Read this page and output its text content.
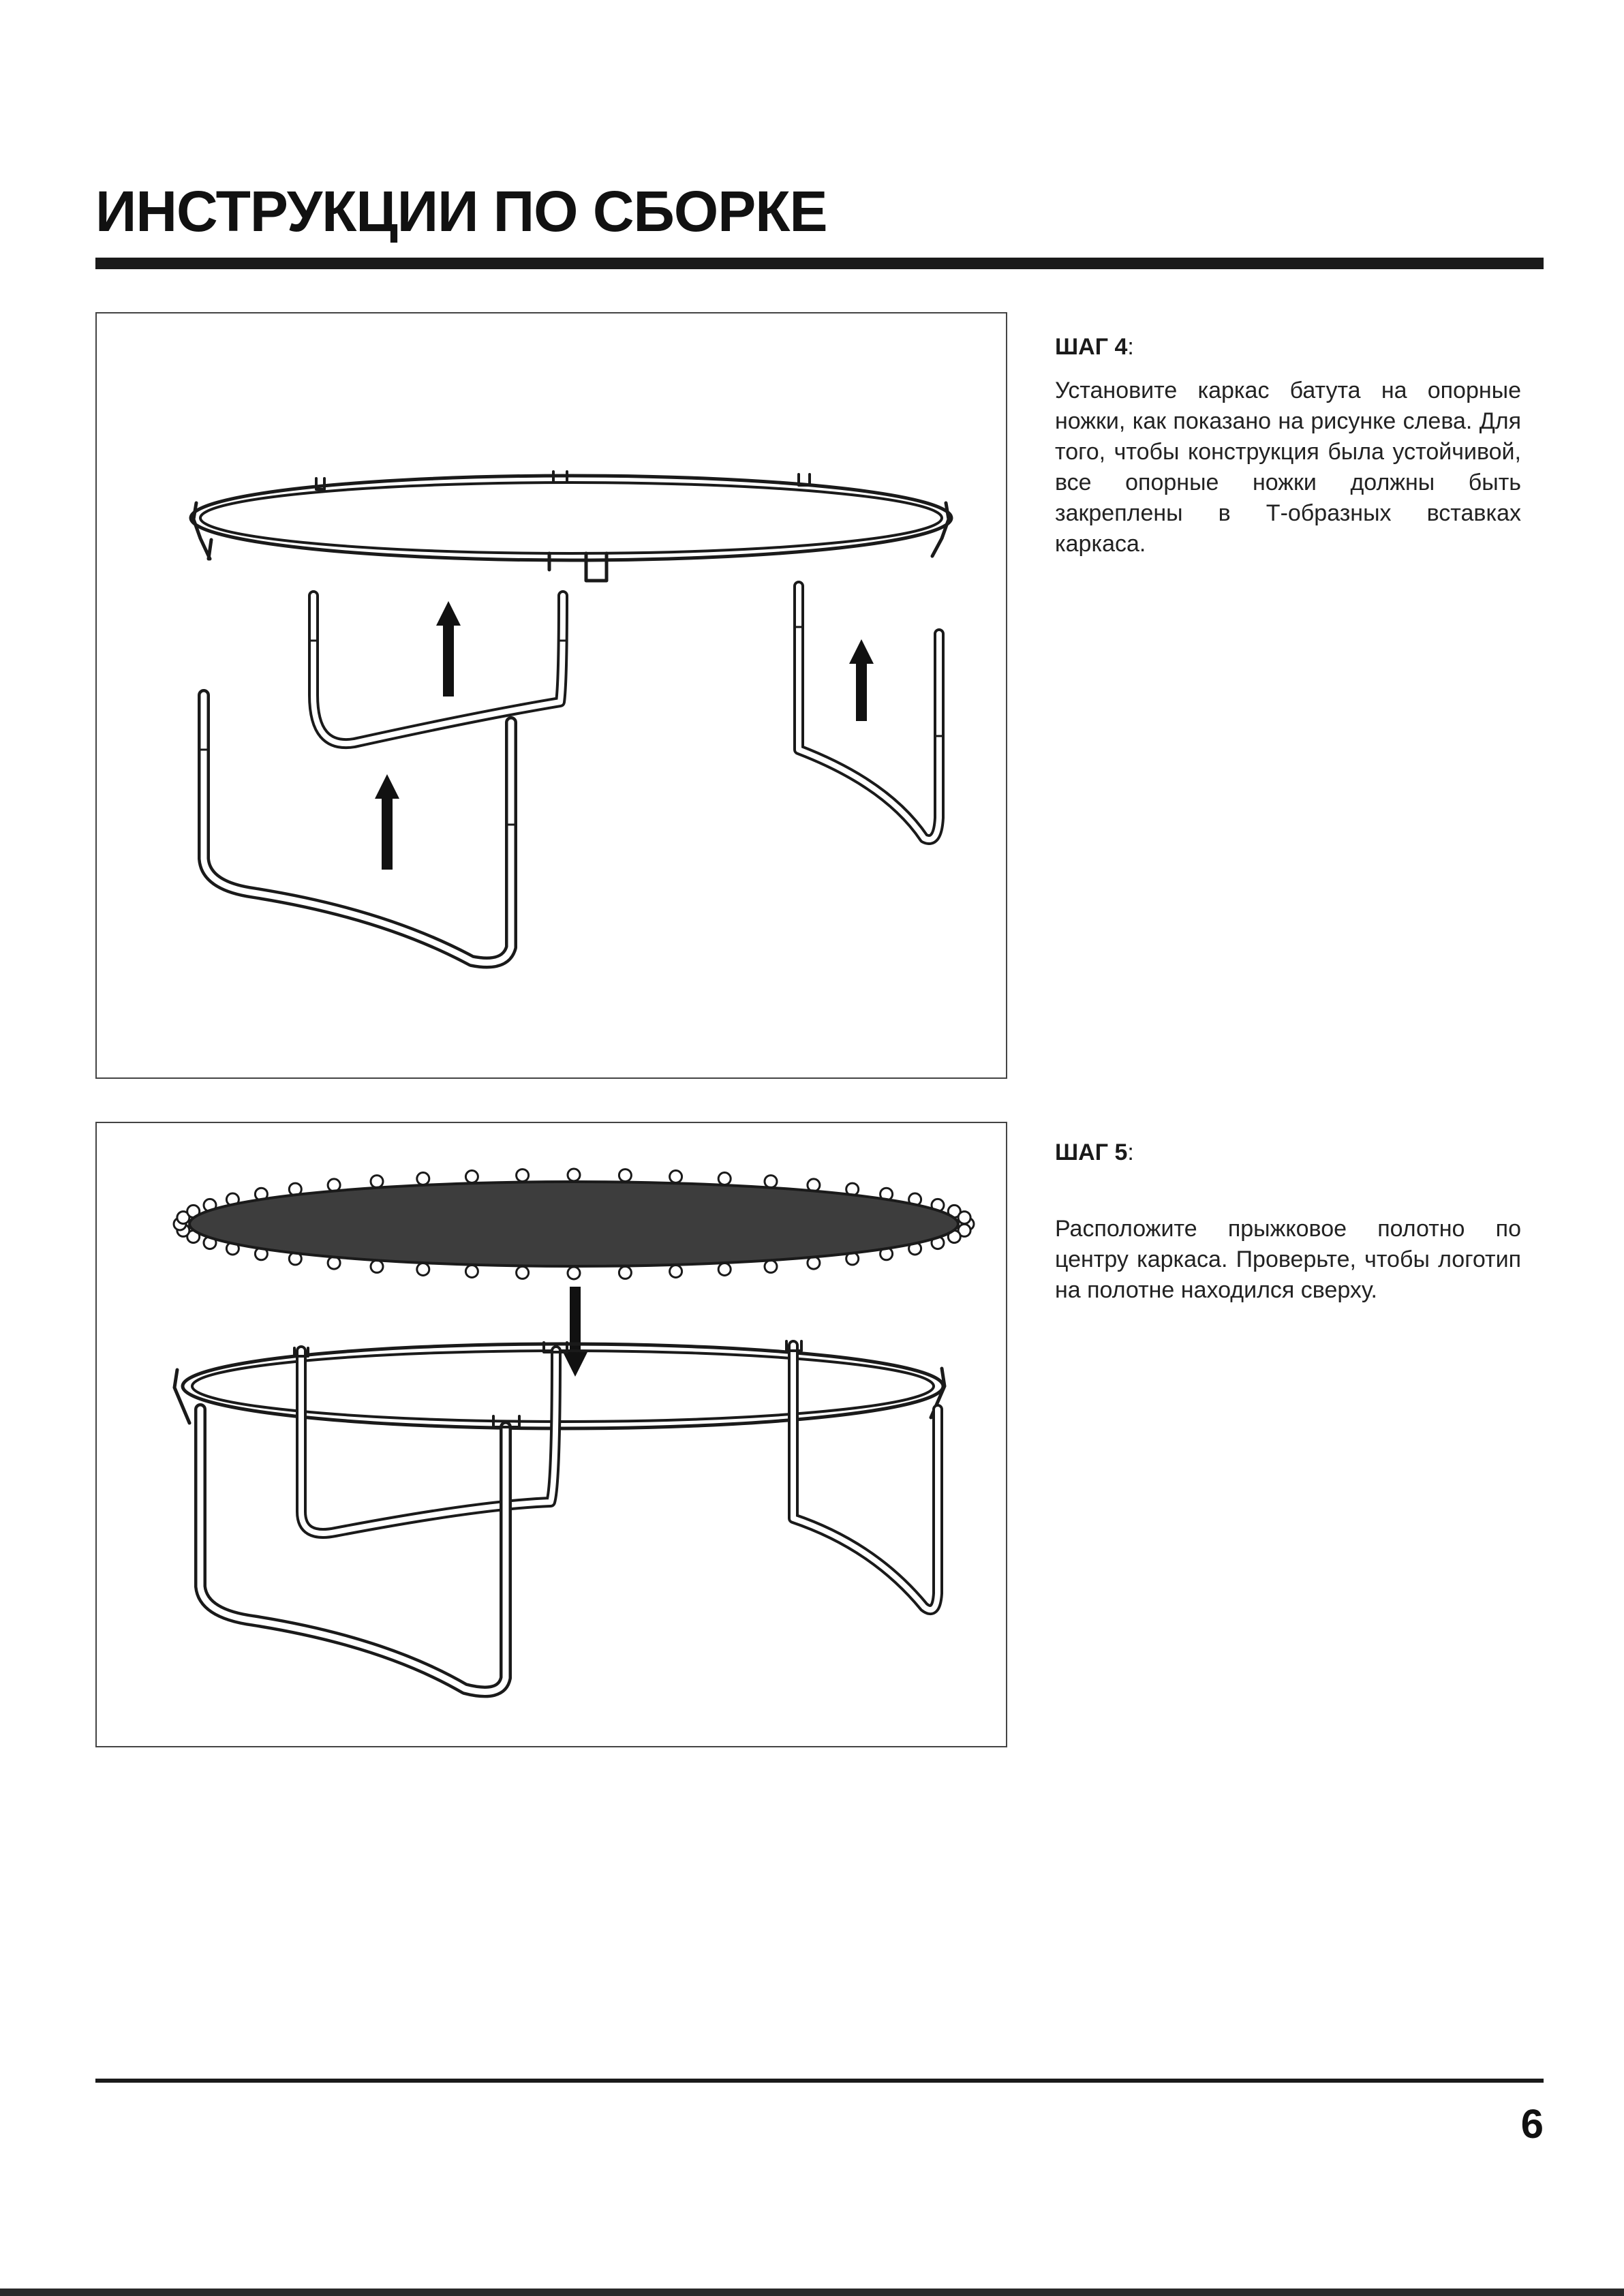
ИНСТРУКЦИИ ПО СБОРКЕ

ШАГ 4:

Установите каркас батута на опорные ножки, как показано на рисунке слева. Для того, чтобы конструкция была устойчивой, все опорные ножки должны быть закреплены в Т-образных вставках каркаса.

ШАГ 5:

Расположите прыжковое полотно по центру каркаса. Проверьте, чтобы логотип на полотне находился сверху.

6
